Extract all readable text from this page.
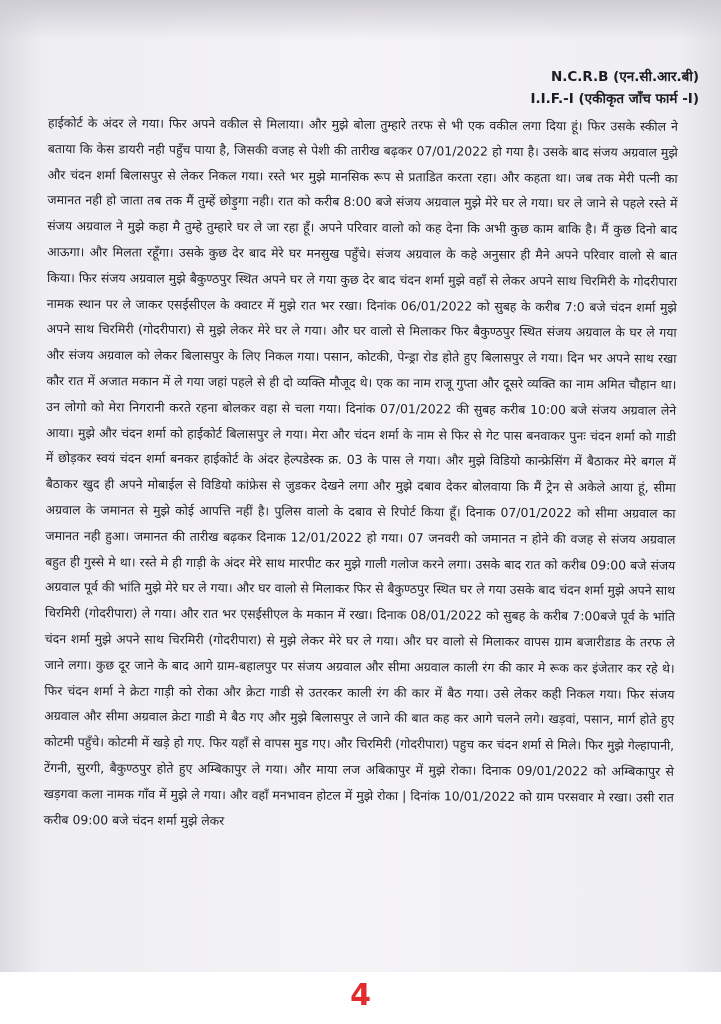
N.C.R.B (एन.सी.आर.बी)
I.I.F.-I (एकीकृत जाँच फार्म -I)

हाईकोर्ट के अंदर ले गया। फिर अपने वकील से मिलाया। और मुझे बोला तुम्हारे तरफ से भी एक वकील लगा दिया हूं। फिर उसके स्कील ने बताया कि केस डायरी नही पहुँच पाया है, जिसकी वजह से पेशी की तारीख बढ़कर 07/01/2022 हो गया है। उसके बाद संजय अग्रवाल मुझे और चंदन शर्मा बिलासपुर से लेकर निकल गया। रस्ते भर मुझे मानसिक रूप से प्रताडित करता रहा। और कहता था। जब तक मेरी पत्नी का जमानत नही हो जाता तब तक मैं तुम्हें छोड़ुगा नही। रात को करीब 8:00 बजे संजय अग्रवाल मुझे मेरे घर ले गया। घर ले जाने से पहले रस्ते में संजय अग्रवाल ने मुझे कहा मै तुम्हे तुम्हारे घर ले जा रहा हूँ। अपने परिवार वालो को कह देना कि अभी कुछ काम बाकि है। मैं कुछ दिनो बाद आऊगा। और मिलता रहूँगा। उसके कुछ देर बाद मेरे घर मनसुख पहुँचे। संजय अग्रवाल के कहे अनुसार ही मैने अपने परिवार वालो से बात किया। फिर संजय अग्रवाल मुझे बैकुण्ठपुर स्थित अपने घर ले गया कुछ देर बाद चंदन शर्मा मुझे वहाँ से लेकर अपने साथ चिरमिरी के गोदरीपारा नामक स्थान पर ले जाकर एसईसीएल के क्वाटर में मुझे रात भर रखा। दिनांक 06/01/2022 को सुबह के करीब 7:0 बजे चंदन शर्मा मुझे अपने साथ चिरमिरी (गोदरीपारा) से मुझे लेकर मेरे घर ले गया। और घर वालो से मिलाकर फिर बैकुण्ठपुर स्थित संजय अग्रवाल के घर ले गया और संजय अग्रवाल को लेकर बिलासपुर के लिए निकल गया। पसान, कोटकी, पेन्ड्रा रोड होते हुए बिलासपुर ले गया। दिन भर अपने साथ रखा कौर रात में अजात मकान में ले गया जहां पहले से ही दो व्यक्ति मौजूद थे। एक का नाम राजू गुप्ता और दूसरे व्यक्ति का नाम अमित चौहान था। उन लोगो को मेरा निगरानी करते रहना बोलकर वहा से चला गया। दिनांक 07/01/2022 की सुबह करीब 10:00 बजे संजय अग्रवाल लेने आया। मुझे और चंदन शर्मा को हाईकोर्ट बिलासपुर ले गया। मेरा और चंदन शर्मा के नाम से फिर से गेट पास बनवाकर पुनः चंदन शर्मा को गाडी में छोड़कर स्वयं चंदन शर्मा बनकर हाईकोर्ट के अंदर हेल्पडेस्क क्र. 03 के पास ले गया। और मुझे विडियो कान्फ्रेसिंग में बैठाकर मेरे बगल में बैठाकर खुद ही अपने मोबाईल से विडियो कांफ्रेस से जुडकर देखने लगा और मुझे दबाव देकर बोलवाया कि मैं ट्रेन से अकेले आया हूं, सीमा अग्रवाल के जमानत से मुझे कोई आपत्ति नहीं है। पुलिस वालो के दबाव से रिपोर्ट किया हूँ। दिनाक 07/01/2022 को सीमा अग्रवाल का जमानत नही हुआ। जमानत की तारीख बढ़कर दिनाक 12/01/2022 हो गया। 07 जनवरी को जमानत न होने की वजह से संजय अग्रवाल बहुत ही गुस्से मे था। रस्ते मे ही गाड़ी के अंदर मेरे साथ मारपीट कर मुझे गाली गलोज करने लगा। उसके बाद रात को करीब 09:00 बजे संजय अग्रवाल पूर्व की भांति मुझे मेरे घर ले गया। और घर वालो से मिलाकर फिर से बैकुण्ठपुर स्थित घर ले गया उसके बाद चंदन शर्मा मुझे अपने साथ चिरमिरी (गोदरीपारा) ले गया। और रात भर एसईसीएल के मकान में रखा। दिनाक 08/01/2022 को सुबह के करीब 7:00बजे पूर्व के भांति चंदन शर्मा मुझे अपने साथ चिरमिरी (गोदरीपारा) से मुझे लेकर मेरे घर ले गया। और घर वालो से मिलाकर वापस ग्राम बजारीडाड के तरफ ले जाने लगा। कुछ दूर जाने के बाद आगे ग्राम-बहालपुर पर संजय अग्रवाल और सीमा अग्रवाल काली रंग की कार मे रूक कर इंजेतार कर रहे थे। फिर चंदन शर्मा ने क्रेटा गाड़ी को रोका और क्रेटा गाडी से उतरकर काली रंग की कार में बैठ गया। उसे लेकर कही निकल गया। फिर संजय अग्रवाल और सीमा अग्रवाल क्रेटा गाडी मे बैठ गए और मुझे बिलासपुर ले जाने की बात कह कर आगे चलने लगे। खड़वां, पसान, मार्ग होते हुए कोटमी पहुँचे। कोटमी में खड़े हो गए. फिर यहाँ से वापस मुड गए। और चिरमिरी (गोदरीपारा) पहुच कर चंदन शर्मा से मिले। फिर मुझे गेल्हापानी, टेंगनी, सुरगी, बैकुण्ठपुर होते हुए अम्बिकापुर ले गया। और माया लज अबिकापुर में मुझे रोका। दिनाक 09/01/2022 को अम्बिकापुर से खड़गवा कला नामक गाँव में मुझे ले गया। और वहाँ मनभावन होटल में मुझे रोका | दिनांक 10/01/2022 को ग्राम परसवार मे रखा। उसी रात करीब 09:00 बजे चंदन शर्मा मुझे लेकर

4
